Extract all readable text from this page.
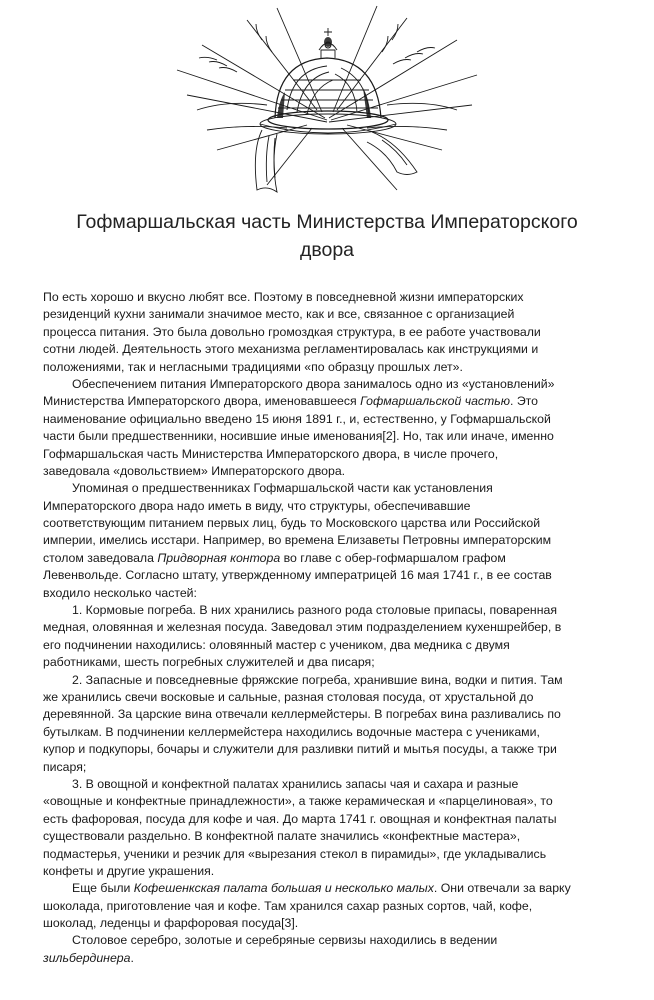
Гофмаршальская часть Министерства Императорского
двора
По есть хорошо и вкусно любят все. Поэтому в повседневной жизни императорских
резиденций кухни занимали значимое место, как и все, связанное с организацией
процесса питания. Это была довольно громоздкая структура, в ее работе участвовали
сотни людей. Деятельность этого механизма регламентировалась как инструкциями и
положениями, так и негласными традициями «по образцу прошлых лет».
Обеспечением питания Императорского двора занималось одно из «установлений»
Министерства Императорского двора, именовавшееся Гофмаршальской частью. Это
наименование официально введено 15 июня 1891 г., и, естественно, у Гофмаршальской
части были предшественники, носившие иные именования[2]. Но, так или иначе, именно
Гофмаршальская часть Министерства Императорского двора, в числе прочего,
заведовала «довольствием» Императорского двора.
Упоминая о предшественниках Гофмаршальской части как установления
Императорского двора надо иметь в виду, что структуры, обеспечивавшие
соответствующим питанием первых лиц, будь то Московского царства или Российской
империи, имелись исстари. Например, во времена Елизаветы Петровны императорским
столом заведовала Придворная контора во главе с обер-гофмаршалом графом
Левенвольде. Согласно штату, утвержденному императрицей 16 мая 1741 г., в ее состав
входило несколько частей:
1. Кормовые погреба. В них хранились разного рода столовые припасы, поваренная
медная, оловянная и железная посуда. Заведовал этим подразделением кухеншрейбер, в
его подчинении находились: оловянный мастер с учеником, два медника с двумя
работниками, шесть погребных служителей и два писаря;
2. Запасные и повседневные фряжские погреба, хранившие вина, водки и пития. Там
же хранились свечи восковые и сальные, разная столовая посуда, от хрустальной до
деревянной. За царские вина отвечали келлермейстеры. В погребах вина разливались по
бутылкам. В подчинении келлермейстера находились водочные мастера с учениками,
купор и подкупоры, бочары и служители для разливки питий и мытья посуды, а также три
писаря;
3. В овощной и конфектной палатах хранились запасы чая и сахара и разные
«овощные и конфектные принадлежности», а также керамическая и «парцелиновая», то
есть фафоровая, посуда для кофе и чая. До марта 1741 г. овощная и конфектная палаты
существовали раздельно. В конфектной палате значились «конфектные мастера»,
подмастерья, ученики и резчик для «вырезания стекол в пирамиды», где укладывались
конфеты и другие украшения.
Еще были Кофешенкская палата большая и несколько малых. Они отвечали за варку
шоколада, приготовление чая и кофе. Там хранился сахар разных сортов, чай, кофе,
шоколад, леденцы и фарфоровая посуда[3].
Столовое серебро, золотые и серебряные сервизы находились в ведении
зильбердинера.
